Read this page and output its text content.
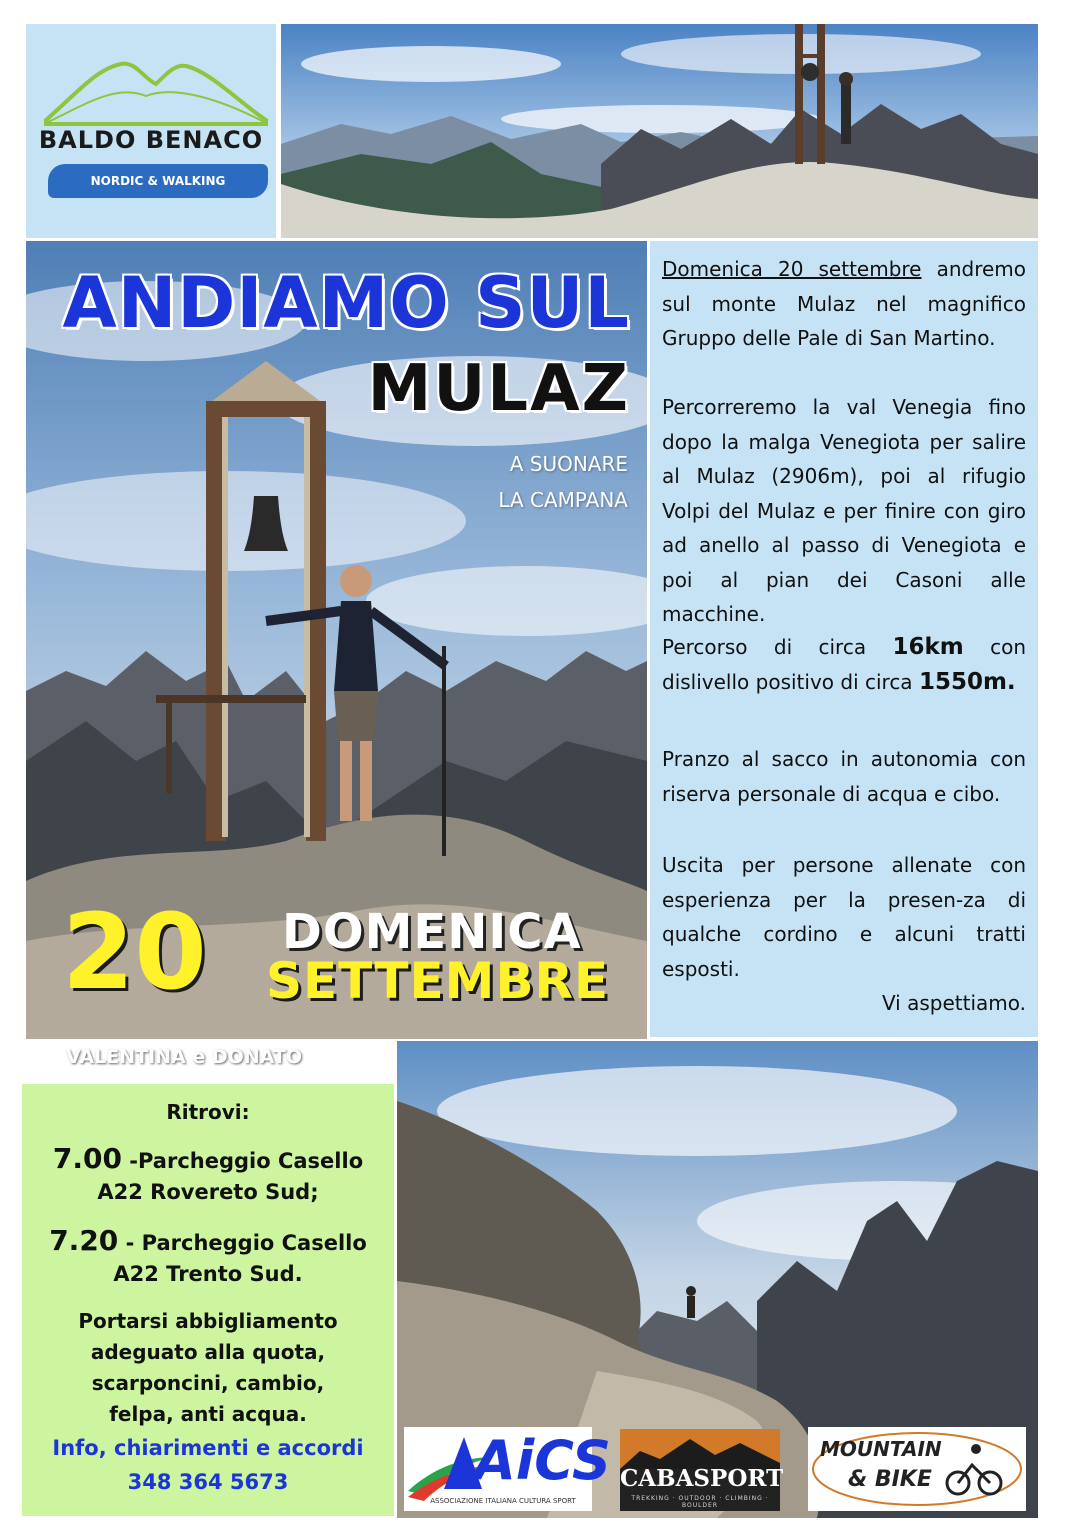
BALDO BENACO
NORDIC & WALKING
ANDIAMO SUL
MULAZ
A SUONARE
LA CAMPANA
20 DOMENICA
SETTEMBRE
VALENTINA e DONATO
Domenica 20 settembre andremo sul monte Mulaz nel magnifico Gruppo delle Pale di San Martino.
Percorreremo la val Venegia fino dopo la malga Venegiota per salire al Mulaz (2906m), poi al rifugio Volpi del Mulaz e per finire con giro ad anello al passo di Venegiota e poi al pian dei Casoni alle macchine.
Percorso di circa 16km con dislivello positivo di circa 1550m.
Pranzo al sacco in autonomia con riserva personale di acqua e cibo.
Uscita per persone allenate con esperienza per la presen-za di qualche cordino e alcuni tratti esposti.
Vi aspettiamo.
Ritrovi:
7.00 -Parcheggio Casello
A22 Rovereto Sud;
7.20 - Parcheggio Casello
A22 Trento Sud.
Portarsi abbigliamento adeguato alla quota, scarponcini, cambio, felpa, anti acqua.
Info, chiarimenti e accordi
348 364 5673	AiCS
ASSOCIAZIONE ITALIANA CULTURA SPORT
CABASPORT
TREKKING · OUTDOOR · CLIMBING · BOULDER
MOUNTAIN
& BIKE
